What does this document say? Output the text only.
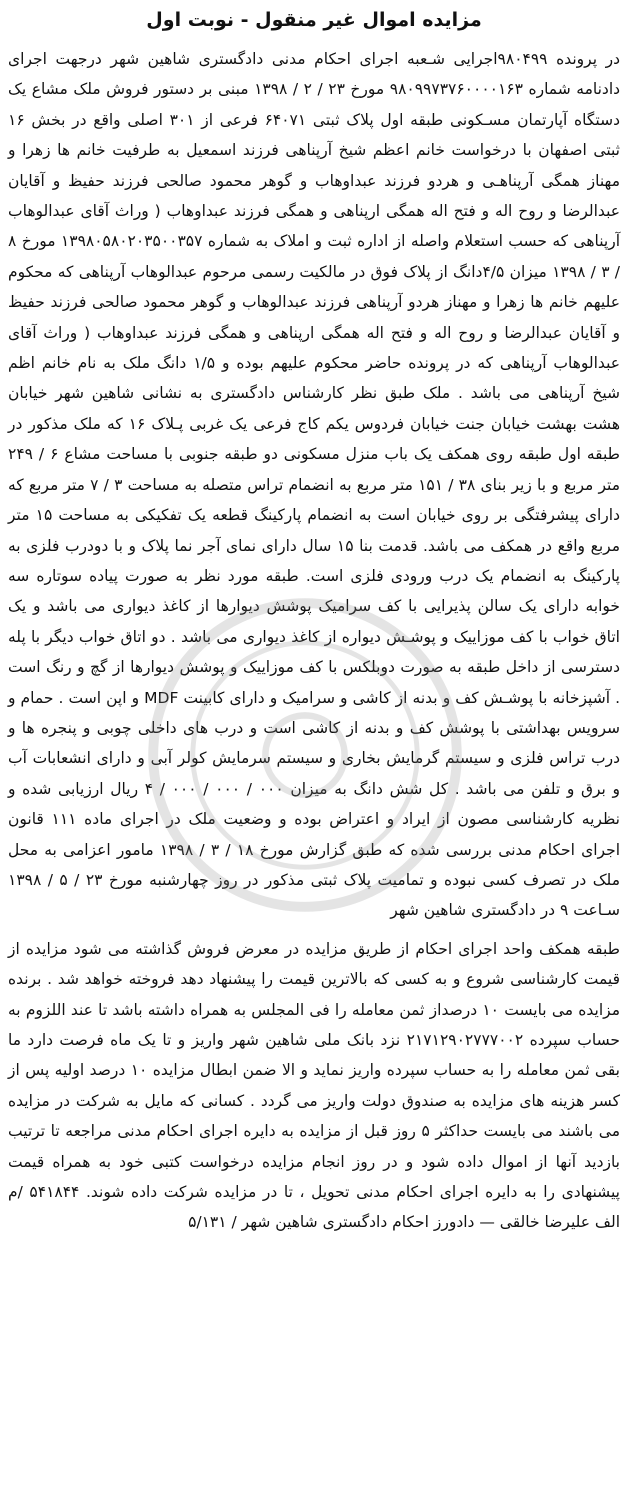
مزایده اموال غیر منقول - نوبت اول

در پرونده ۹۸۰۴۹۹اجرایی شـعبه اجرای احکام مدنی دادگستری شاهین شهر درجهت اجرای دادنامه شماره ۹۸۰۹۹۷۳۷۶۰۰۰۰۱۶۳ مورخ ۲۳ / ۲ / ۱۳۹۸ مبنی بر دستور فروش ملک مشاع یک دستگاه آپارتمان مسـکونی طبقه اول پلاک ثبتی ۶۴۰۷۱ فرعی از ۳۰۱ اصلی واقع در بخش ۱۶ ثبتی اصفهان با درخواست خانم اعظم شیخ آرپناهی فرزند اسمعیل به طرفیت خانم ها زهرا و مهناز همگی آرپناهـی و هردو فرزند عبداوهاب و گوهر محمود صالحی فرزند حفیظ و آقایان عبدالرضا و روح اله و فتح اله همگی ارپناهی و همگی فرزند عبداوهاب ( وراث آقای عبدالوهاب آرپناهی که حسب استعلام واصله از اداره ثبت و املاک به شماره ۱۳۹۸۰۵۸۰۲۰۳۵۰۰۳۵۷ مورخ ۸ / ۳ / ۱۳۹۸ میزان ۴/۵دانگ از پلاک فوق در مالکیت رسمی مرحوم عبدالوهاب آرپناهی که محکوم علیهم خانم ها زهرا و مهناز هردو آرپناهی فرزند عبدالوهاب و گوهر محمود صالحی فرزند حفیظ و آقایان عبدالرضا و روح اله و فتح اله همگی ارپناهی و همگی فرزند عبداوهاب ( وراث آقای عبدالوهاب آرپناهی که در پرونده حاضر محکوم علیهم بوده و ۱/۵ دانگ ملک به نام خانم اظم شیخ آرپناهی می باشد . ملک طبق نظر کارشناس دادگستری به نشانی شاهین شهر خیابان هشت بهشت خیابان جنت خیابان فردوس یکم کاج فرعی یک غربی پـلاک ۱۶ که ملک مذکور در طبقه اول طبقه روی همکف یک باب منزل مسکونی دو طبقه جنوبی با مساحت مشاع ۶ / ۲۴۹ متر مربع و با زیر بنای ۳۸ / ۱۵۱ متر مربع به انضمام تراس متصله به مساحت ۳ / ۷ متر مربع که دارای پیشرفتگی بر روی خیابان است به انضمام پارکینگ قطعه یک تفکیکی به مساحت ۱۵ متر مربع واقع در همکف می باشد. قدمت بنا ۱۵ سال دارای نمای آجر نما پلاک و با دودرب فلزی به پارکینگ به انضمام یک درب ورودی فلزی است. طبقه مورد نظر به صورت پیاده سوتاره سه خوابه دارای یک سالن پذیرایی با کف سرامیک پوشش دیوارها از کاغذ دیواری می باشد و یک اتاق خواب با کف موزاییک و پوشـش دیواره از کاغذ دیواری می باشد . دو اتاق خواب دیگر با پله دسترسی از داخل طبقه به صورت دوبلکس با کف موزاییک و پوشش دیوارها از گچ و رنگ است . آشپزخانه با پوشـش کف و بدنه از کاشی و سرامیک و دارای کابینت MDF و اپن است . حمام و سرویس بهداشتی با پوشش کف و بدنه از کاشی است و درب های داخلی چوبی و پنجره ها و درب تراس فلزی و سیستم گرمایش بخاری و سیستم سرمایش کولر آبی و دارای انشعابات آب و برق و تلفن می باشد . کل شش دانگ به میزان ۰۰۰ / ۰۰۰ / ۰۰۰ / ۴ ریال ارزیابی شده و نظریه کارشناسی مصون از ایراد و اعتراض بوده و وضعیت ملک در اجرای ماده ۱۱۱ قانون اجرای احکام مدنی بررسی شده که طبق گزارش مورخ ۱۸ / ۳ / ۱۳۹۸ مامور اعزامی به محل ملک در تصرف کسی نبوده و تمامیت پلاک ثبتی مذکور در روز چهارشنبه مورخ ۲۳ / ۵ / ۱۳۹۸ سـاعت ۹ در دادگستری شاهین شهر

طبقه همکف واحد اجرای احکام از طریق مزایده در معرض فروش گذاشته می شود مزایده از قیمت کارشناسی شروع و به کسی که بالاترین قیمت را پیشنهاد دهد فروخته خواهد شد . برنده مزایده می بایست ۱۰ درصداز ثمن معامله را فی المجلس به همراه داشته باشد تا عند اللزوم به حساب سپرده ۲۱۷۱۲۹۰۲۷۷۷۰۰۲ نزد بانک ملی شاهین شهر واریز و تا یک ماه فرصت دارد ما بقی ثمن معامله را به حساب سپرده واریز نماید و الا ضمن ابطال مزایده ۱۰ درصد اولیه پس از کسر هزینه های مزایده به صندوق دولت واریز می گردد . کسانی که مایل به شرکت در مزایده می باشند می بایست حداکثر ۵ روز قبل از مزایده به دایره اجرای احکام مدنی مراجعه تا ترتیب بازدید آنها از اموال داده شود و در روز انجام مزایده درخواست کتبی خود به همراه قیمت پیشنهادی را به دایره اجرای احکام مدنی تحویل ، تا در مزایده شرکت داده شوند. ۵۴۱۸۴۴ /م الف علیرضا خالقی — دادورز احکام دادگستری شاهین شهر / ۵/۱۳۱
